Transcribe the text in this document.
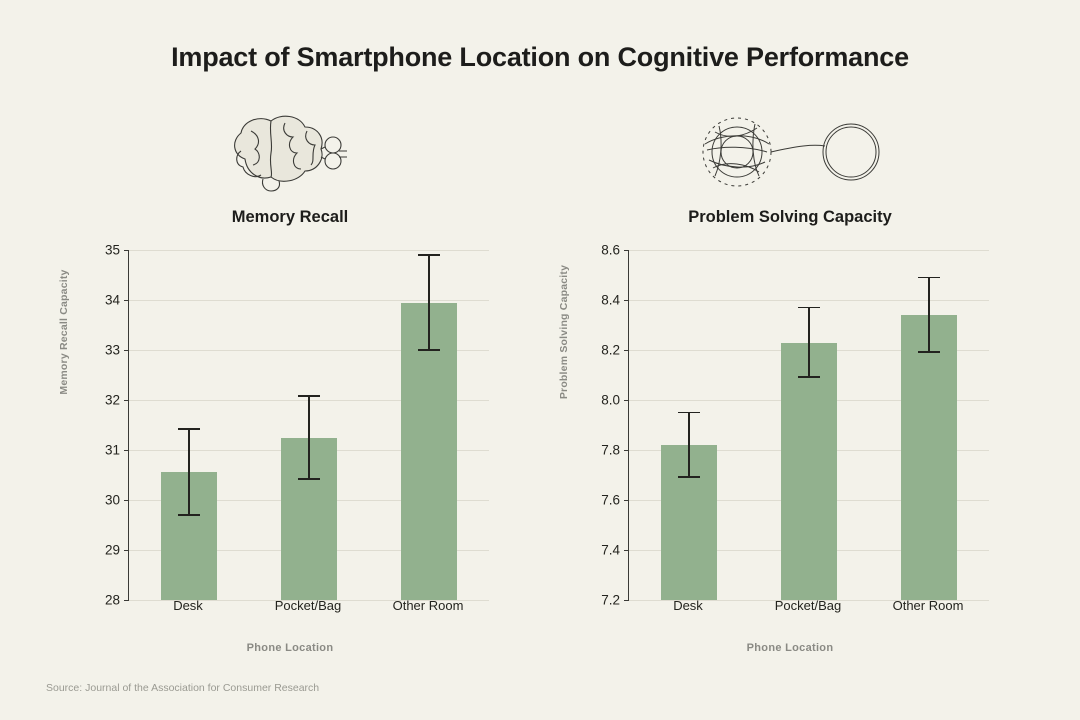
Impact of Smartphone Location on Cognitive Performance
Memory Recall
Memory Recall Capacity
35
34
33
32
31
30
29
28	Desk	Pocket/Bag	Other Room
Phone Location
Problem Solving Capacity
Problem Solving Capacity
8.6
8.4
8.2
8.0
7.8
7.6
7.4
7.2	Desk	Pocket/Bag	Other Room
Phone Location
Source: Journal of the Association for Consumer Research
